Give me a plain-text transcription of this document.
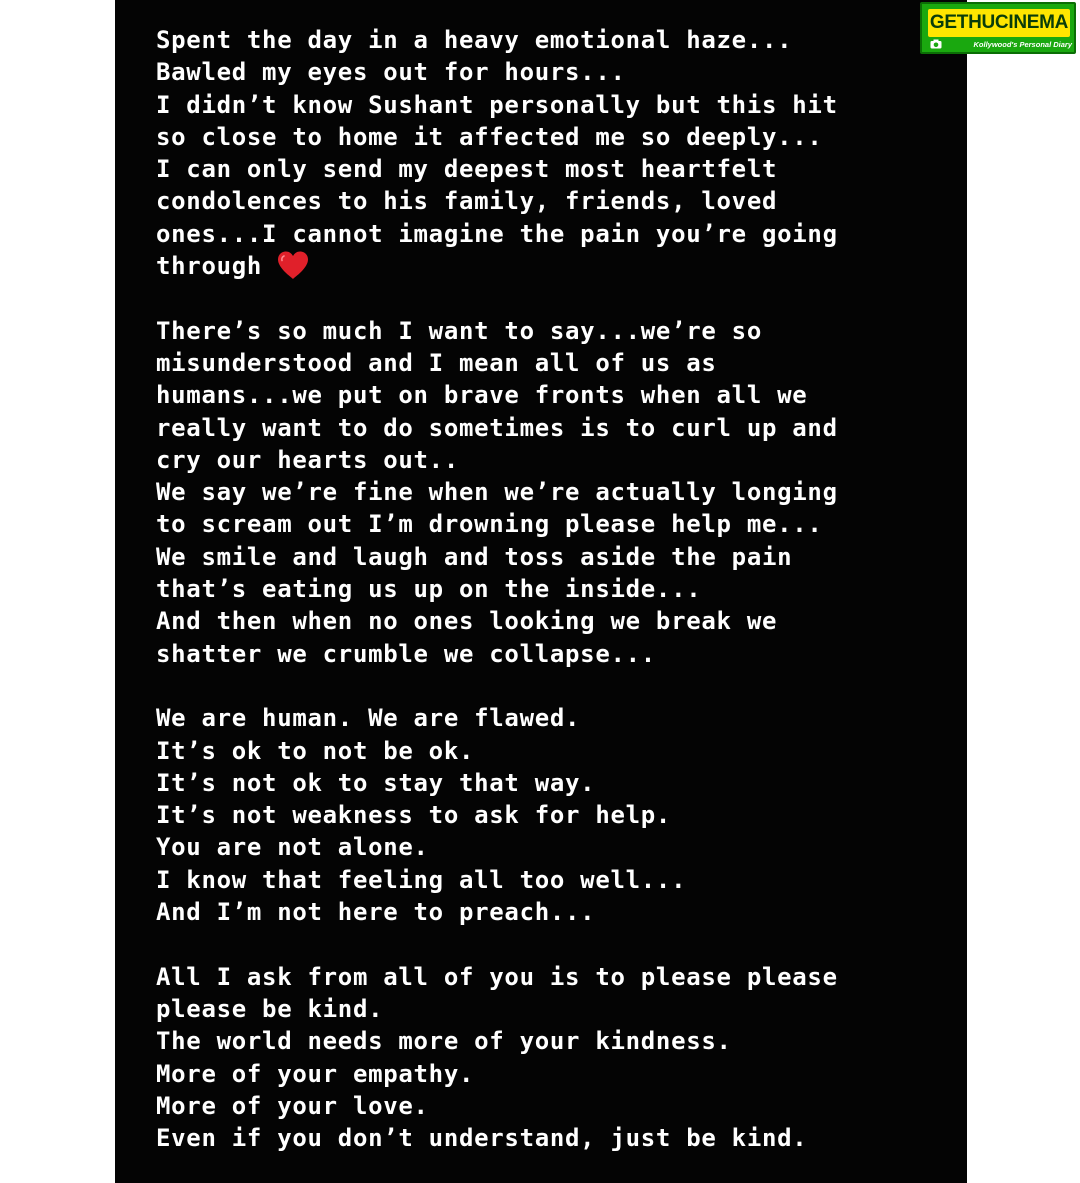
Spent the day in a heavy emotional haze...
Bawled my eyes out for hours...
I didn’t know Sushant personally but this hit
so close to home it affected me so deeply...
I can only send my deepest most heartfelt
condolences to his family, friends, loved
ones...I cannot imagine the pain you’re going
through
There’s so much I want to say...we’re so
misunderstood and I mean all of us as
humans...we put on brave fronts when all we
really want to do sometimes is to curl up and
cry our hearts out..
We say we’re fine when we’re actually longing
to scream out I’m drowning please help me...
We smile and laugh and toss aside the pain
that’s eating us up on the inside...
And then when no ones looking we break we
shatter we crumble we collapse...
We are human. We are flawed.
It’s ok to not be ok.
It’s not ok to stay that way.
It’s not weakness to ask for help.
You are not alone.
I know that feeling all too well...
And I’m not here to preach...
All I ask from all of you is to please please
please be kind.
The world needs more of your kindness.
More of your empathy.
More of your love.
Even if you don’t understand, just be kind.
GETHUCINEMA
Kollywood's Personal Diary
